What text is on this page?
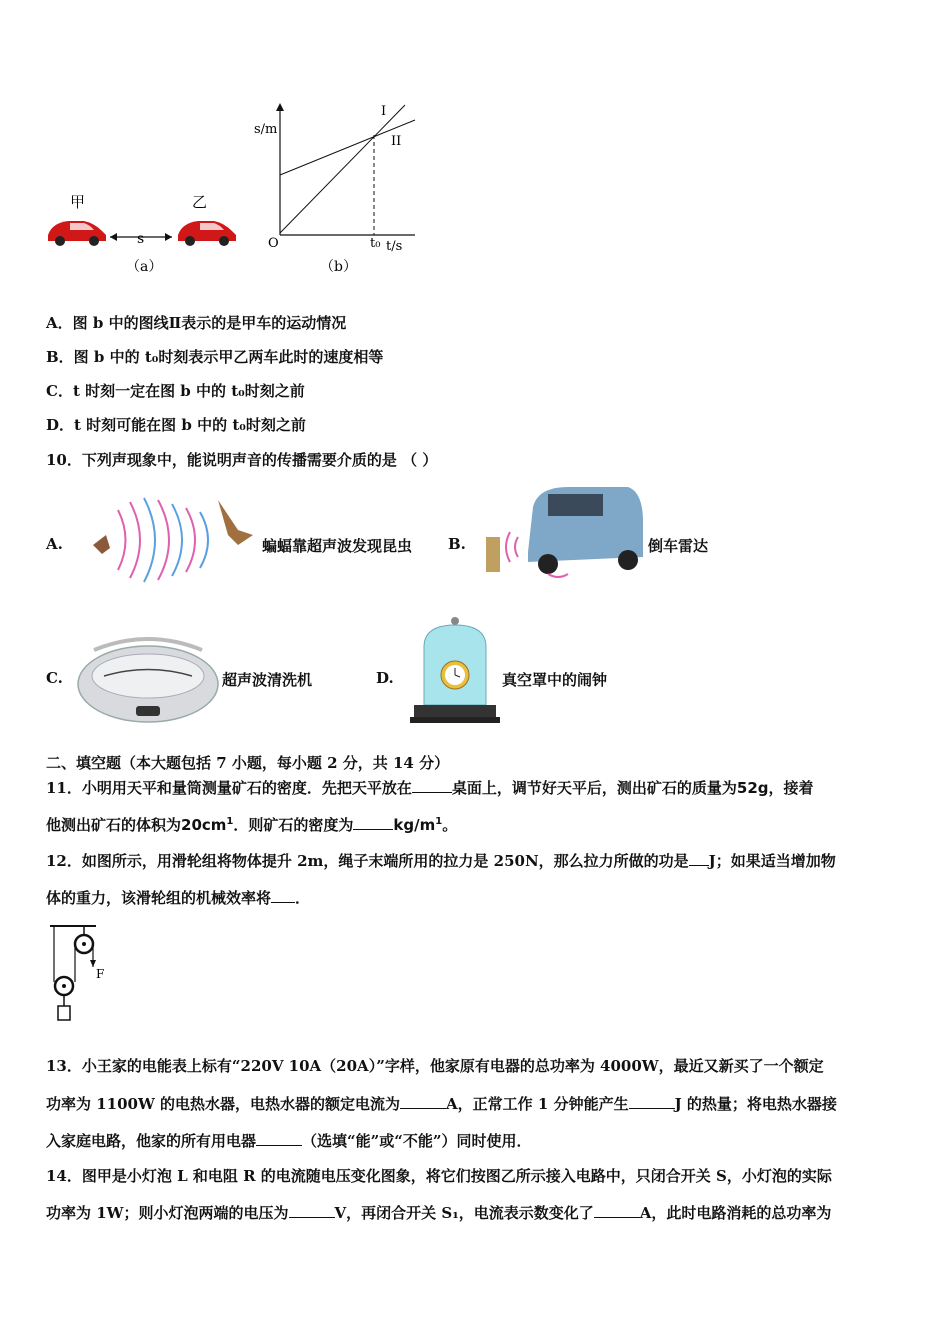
甲	乙
s
（a）
s/m
O	t₀ t/s
I
II
（b）
A．图 b 中的图线Ⅱ表示的是甲车的运动情况
B．图 b 中的 t₀时刻表示甲乙两车此时的速度相等
C．t 时刻一定在图 b 中的 t₀时刻之前
D．t 时刻可能在图 b 中的 t₀时刻之前
10．下列声现象中，能说明声音的传播需要介质的是 （ ）
A.	蝙蝠靠超声波发现昆虫 B.	倒车雷达
C.	超声波清洗机	D.	真空罩中的闹钟
二、填空题（本大题包括 7 小题，每小题 2 分，共 14 分）
11．小明用天平和量筒测量矿石的密度．先把天平放在	桌面上，调节好天平后，测出矿石的质量为52g，接着
他测出矿石的体积为$20cm^1$．则矿石的密度为	$kg/m^1$。
12．如图所示，用滑轮组将物体提升 2m，绳子末端所用的拉力是 250N，那么拉力所做的功是 J；如果适当增加物
体的重力，该滑轮组的机械效率将 ．
F
13．小王家的电能表上标有“220V 10A（20A）”字样，他家原有电器的总功率为 4000W，最近又新买了一个额定
功率为 1100W 的电热水器，电热水器的额定电流为	A，正常工作 1 分钟能产生	J 的热量；将电热水器接
入家庭电路，他家的所有用电器	（选填“能”或“不能”）同时使用．
14．图甲是小灯泡 L 和电阻 R 的电流随电压变化图象，将它们按图乙所示接入电路中，只闭合开关 S，小灯泡的实际
功率为 1W；则小灯泡两端的电压为	V，再闭合开关 S₁，电流表示数变化了	A，此时电路消耗的总功率为
